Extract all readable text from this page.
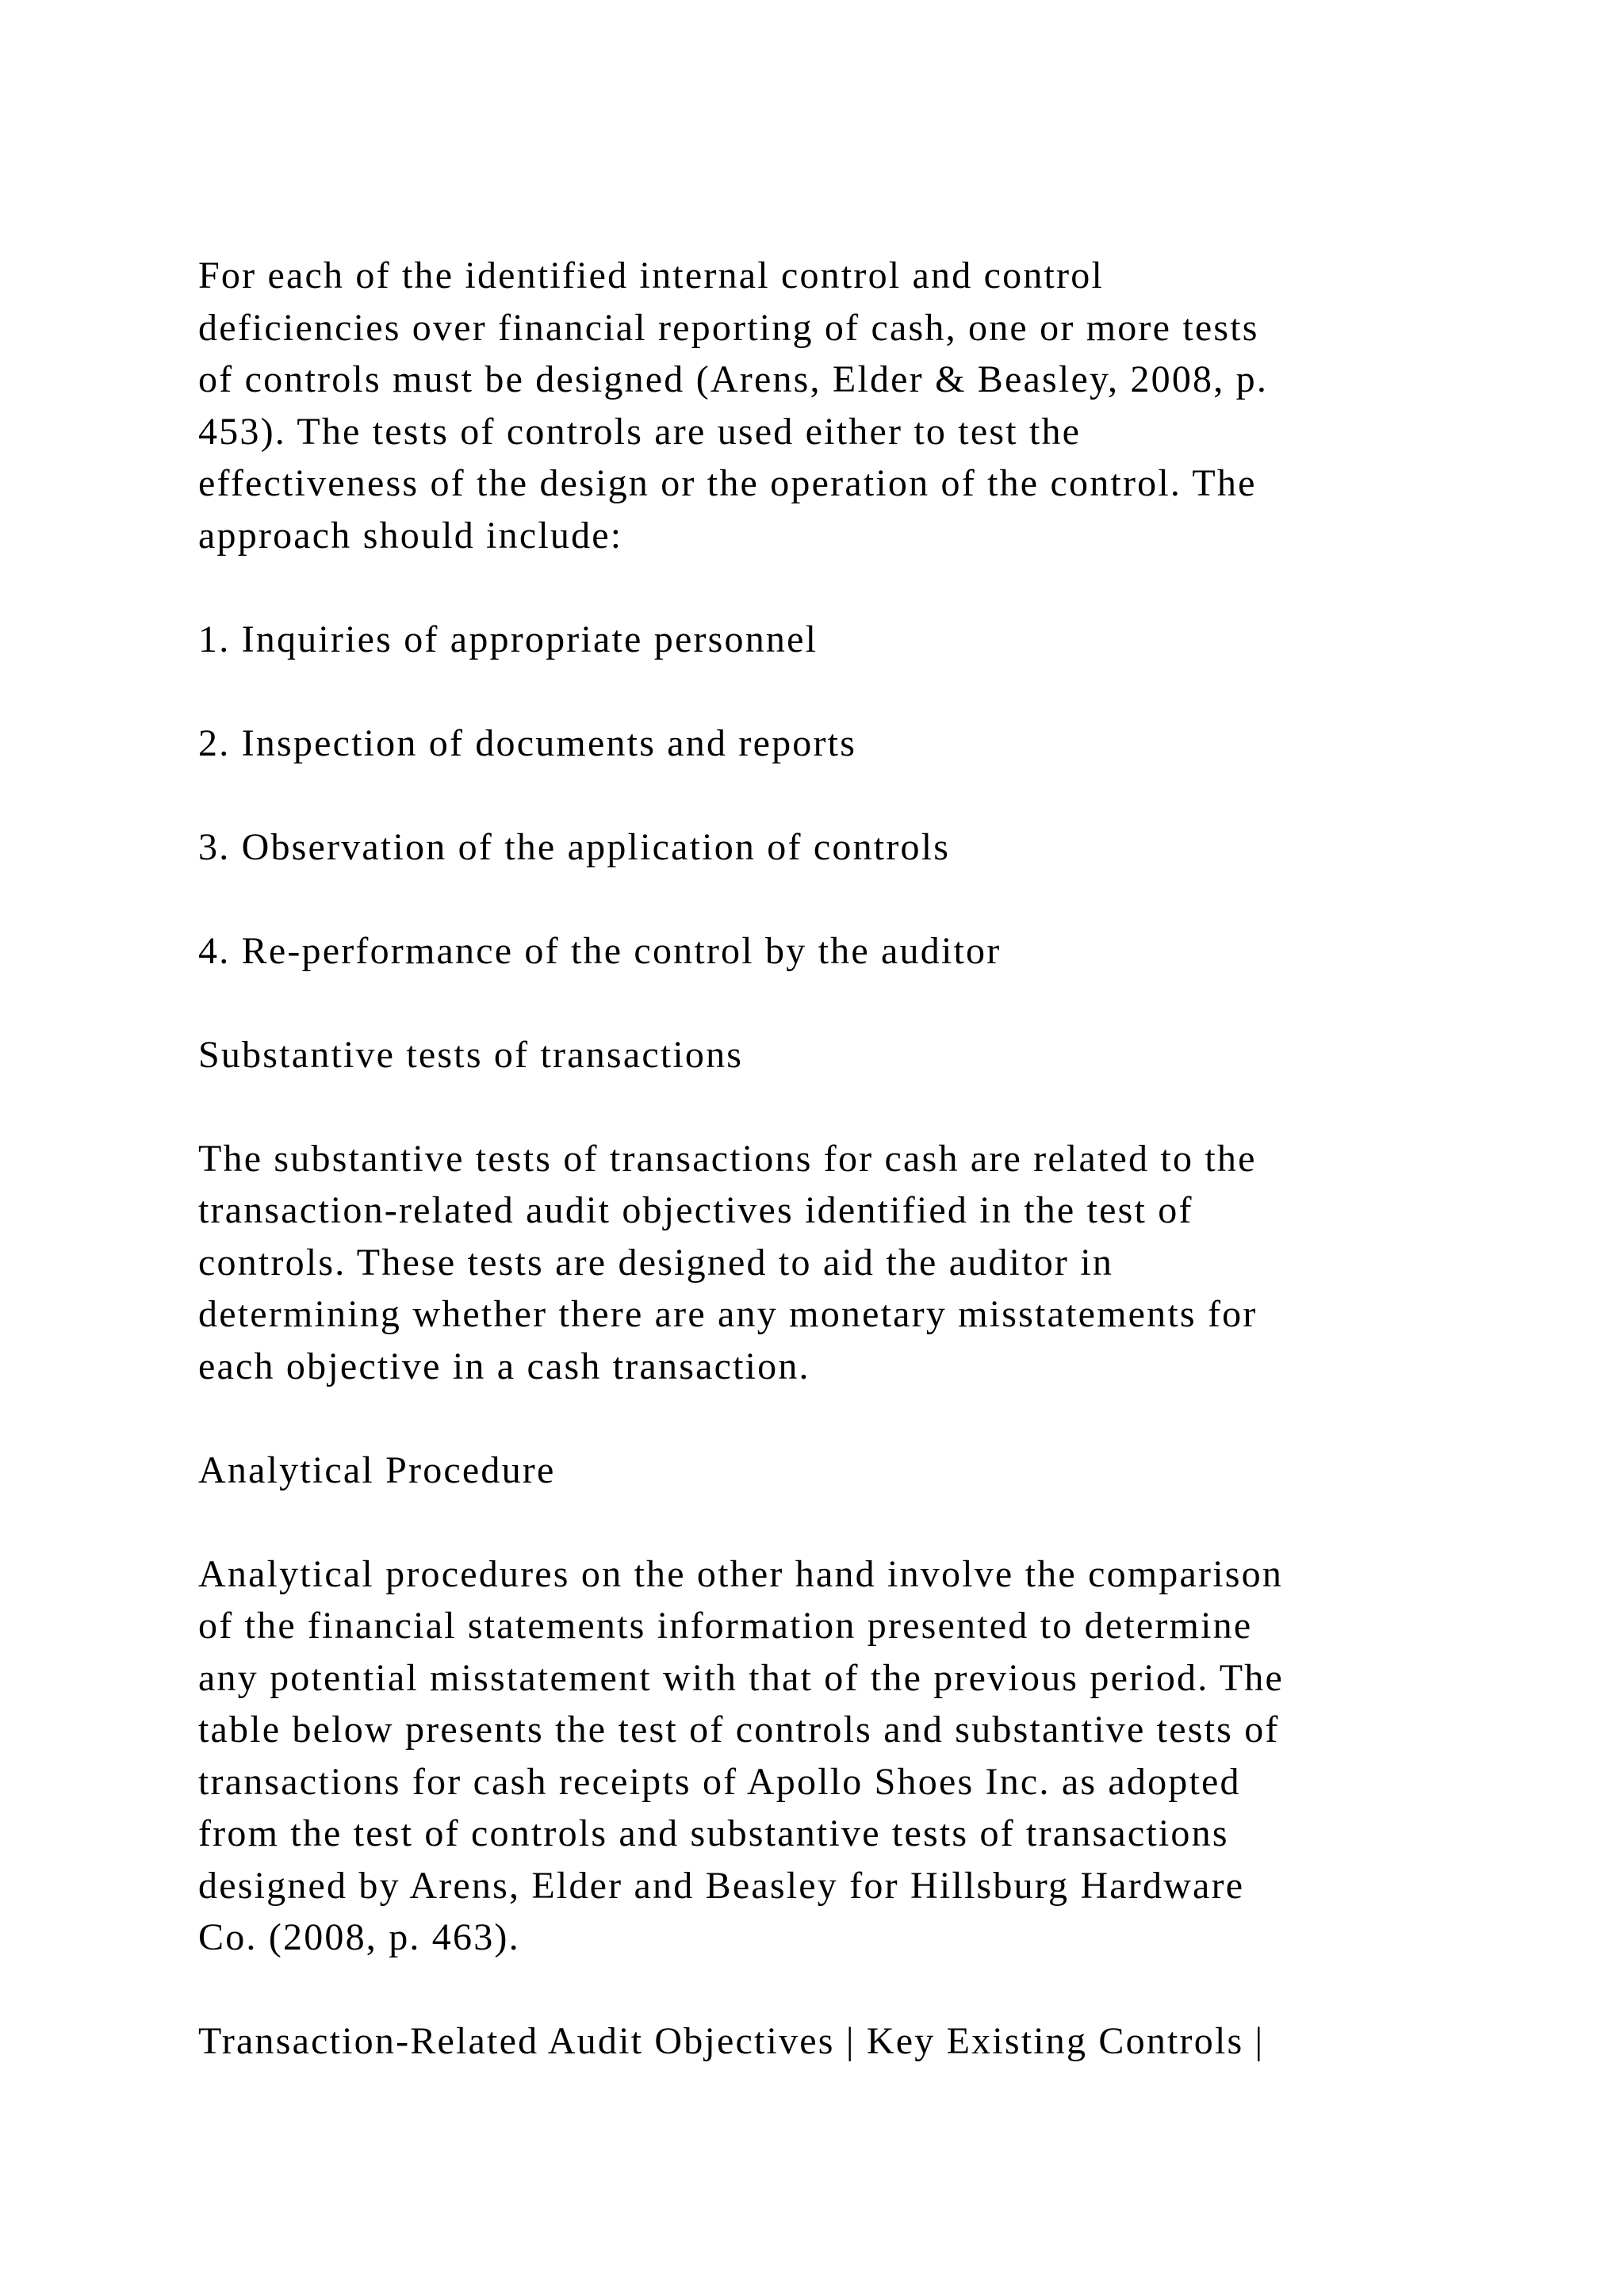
For each of the identified internal control and control
deficiencies over financial reporting of cash, one or more tests
of controls must be designed (Arens, Elder & Beasley, 2008, p.
453). The tests of controls are used either to test the
effectiveness of the design or the operation of the control. The
approach should include:

1. Inquiries of appropriate personnel

2. Inspection of documents and reports

3. Observation of the application of controls

4. Re-performance of the control by the auditor

Substantive tests of transactions

The substantive tests of transactions for cash are related to the
transaction-related audit objectives identified in the test of
controls. These tests are designed to aid the auditor in
determining whether there are any monetary misstatements for
each objective in a cash transaction.

Analytical Procedure

Analytical procedures on the other hand involve the comparison
of the financial statements information presented to determine
any potential misstatement with that of the previous period. The
table below presents the test of controls and substantive tests of
transactions for cash receipts of Apollo Shoes Inc. as adopted
from the test of controls and substantive tests of transactions
designed by Arens, Elder and Beasley for Hillsburg Hardware
Co. (2008, p. 463).

Transaction-Related Audit Objectives | Key Existing Controls |
